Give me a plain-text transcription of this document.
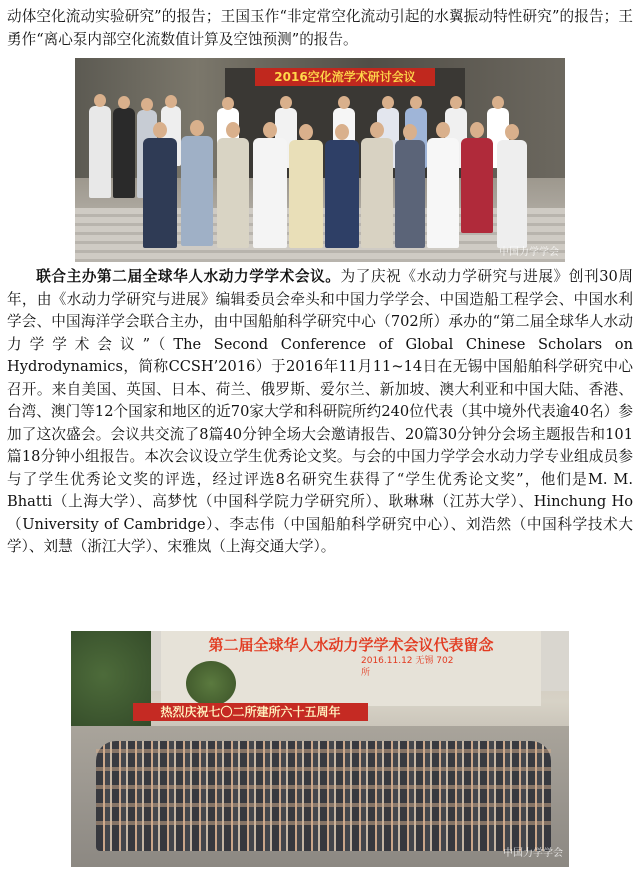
动体空化流动实验研究”的报告；王国玉作“非定常空化流动引起的水翼振动特性研究”的报告；王勇作“离心泵内部空化流数值计算及空蚀预测”的报告。
2016空化流学术研讨会议
中国力学学会
联合主办第二届全球华人水动力学学术会议。为了庆祝《水动力学研究与进展》创刊30周年，由《水动力学研究与进展》编辑委员会牵头和中国力学学会、中国造船工程学会、中国水利学会、中国海洋学会联合主办，由中国船舶科学研究中心（702所）承办的“第二届全球华人水动力学学术会议”（The Second Conference of Global Chinese Scholars on Hydrodynamics，简称CCSH’2016）于2016年11月11~14日在无锡中国船舶科学研究中心召开。来自美国、英国、日本、荷兰、俄罗斯、爱尔兰、新加坡、澳大利亚和中国大陆、香港、台湾、澳门等12个国家和地区的近70家大学和科研院所约240位代表（其中境外代表逾40名）参加了这次盛会。会议共交流了8篇40分钟全场大会邀请报告、20篇30分钟分会场主题报告和101篇18分钟小组报告。本次会议设立学生优秀论文奖。与会的中国力学学会水动力学专业组成员参与了学生优秀论文奖的评选，经过评选8名研究生获得了“学生优秀论文奖”，他们是M. M. Bhatti（上海大学）、高梦忱（中国科学院力学研究所）、耿琳琳（江苏大学）、Hinchung Ho（University of Cambridge）、李志伟（中国船舶科学研究中心）、刘浩然（中国科学技术大学）、刘慧（浙江大学）、宋雅岚（上海交通大学）。
第二届全球华人水动力学学术会议代表留念
2016.11.12 无锡 702所
热烈庆祝七〇二所建所六十五周年
中国力学学会
